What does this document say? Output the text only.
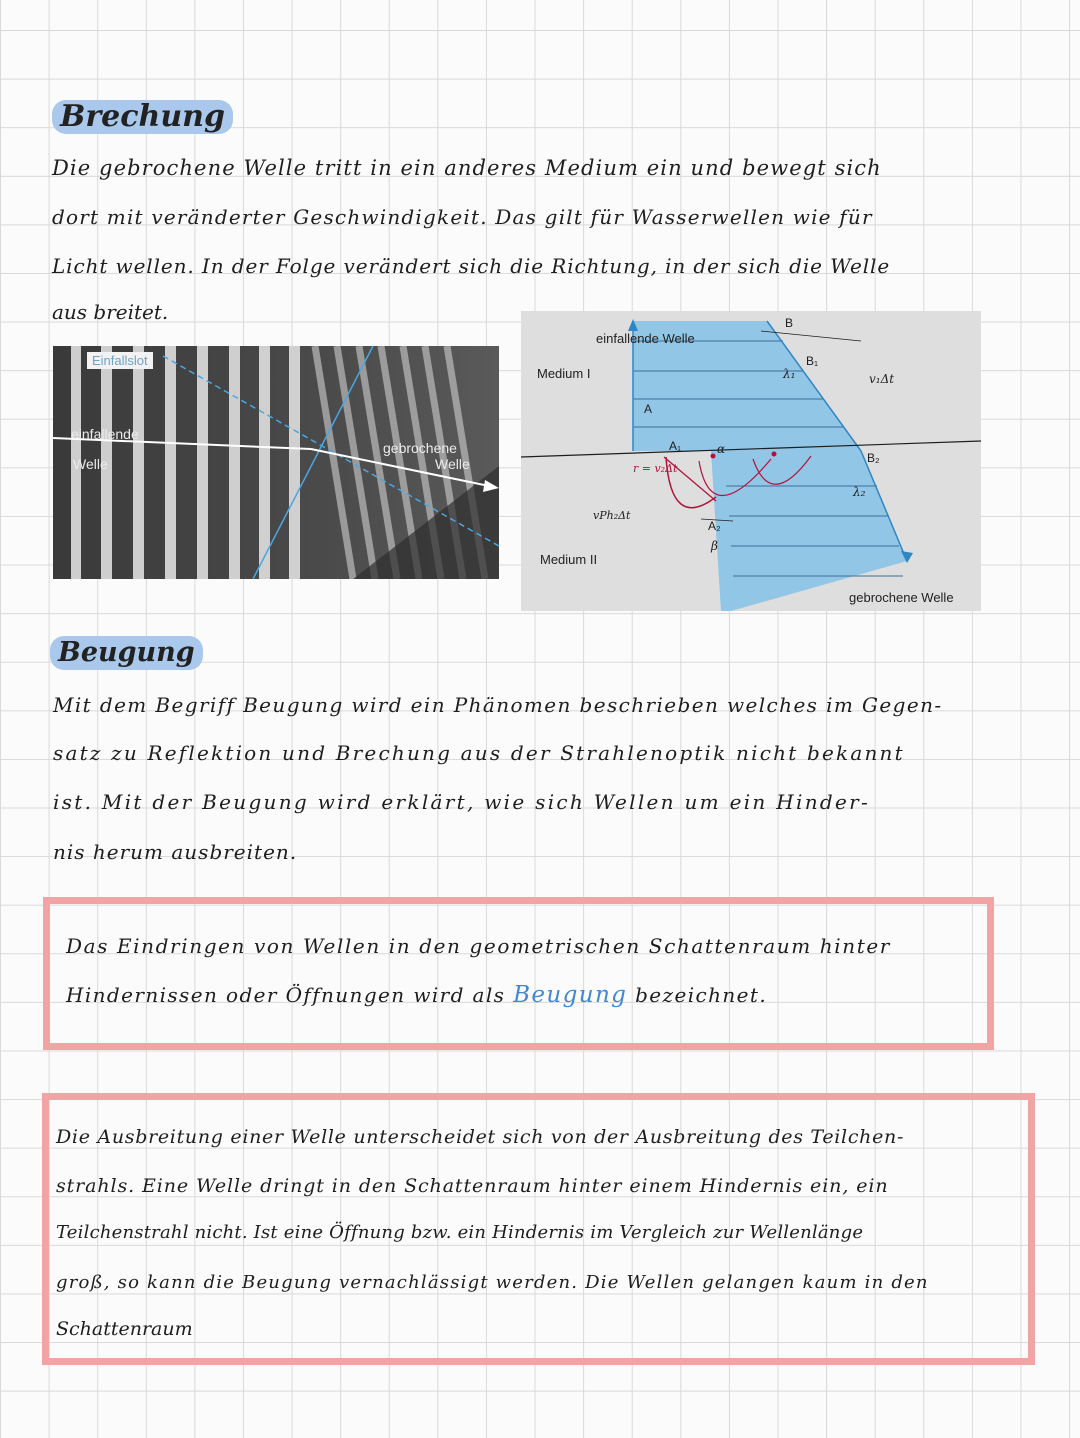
Brechung
Die gebrochene Welle tritt in ein anderes Medium ein und bewegt sich
dort mit veränderter Geschwindigkeit. Das gilt für Wasserwellen wie für
Licht wellen. In der Folge verändert sich die Richtung, in der sich die Welle
aus breitet.
Einfallslot
einfallende
Welle
gebrochene
Welle
einfallende Welle
Medium I
Medium II
gebrochene Welle
B
B₁
B₂
A
A₁
A₂
λ₁
λ₂
v₁Δt
r = v₂Δt
vPh₂Δt
α
β
Beugung
Mit dem Begriff Beugung wird ein Phänomen beschrieben welches im Gegen-
satz zu Reflektion und Brechung aus der Strahlenoptik nicht bekannt
ist. Mit der Beugung wird erklärt, wie sich Wellen um ein Hinder-
nis herum ausbreiten.
Das Eindringen von Wellen in den geometrischen Schattenraum hinter
Hindernissen oder Öffnungen wird als Beugung bezeichnet.
Die Ausbreitung einer Welle unterscheidet sich von der Ausbreitung des Teilchen-
strahls. Eine Welle dringt in den Schattenraum hinter einem Hindernis ein, ein
Teilchenstrahl nicht. Ist eine Öffnung bzw. ein Hindernis im Vergleich zur Wellenlänge
groß, so kann die Beugung vernachlässigt werden. Die Wellen gelangen kaum in den
Schattenraum
